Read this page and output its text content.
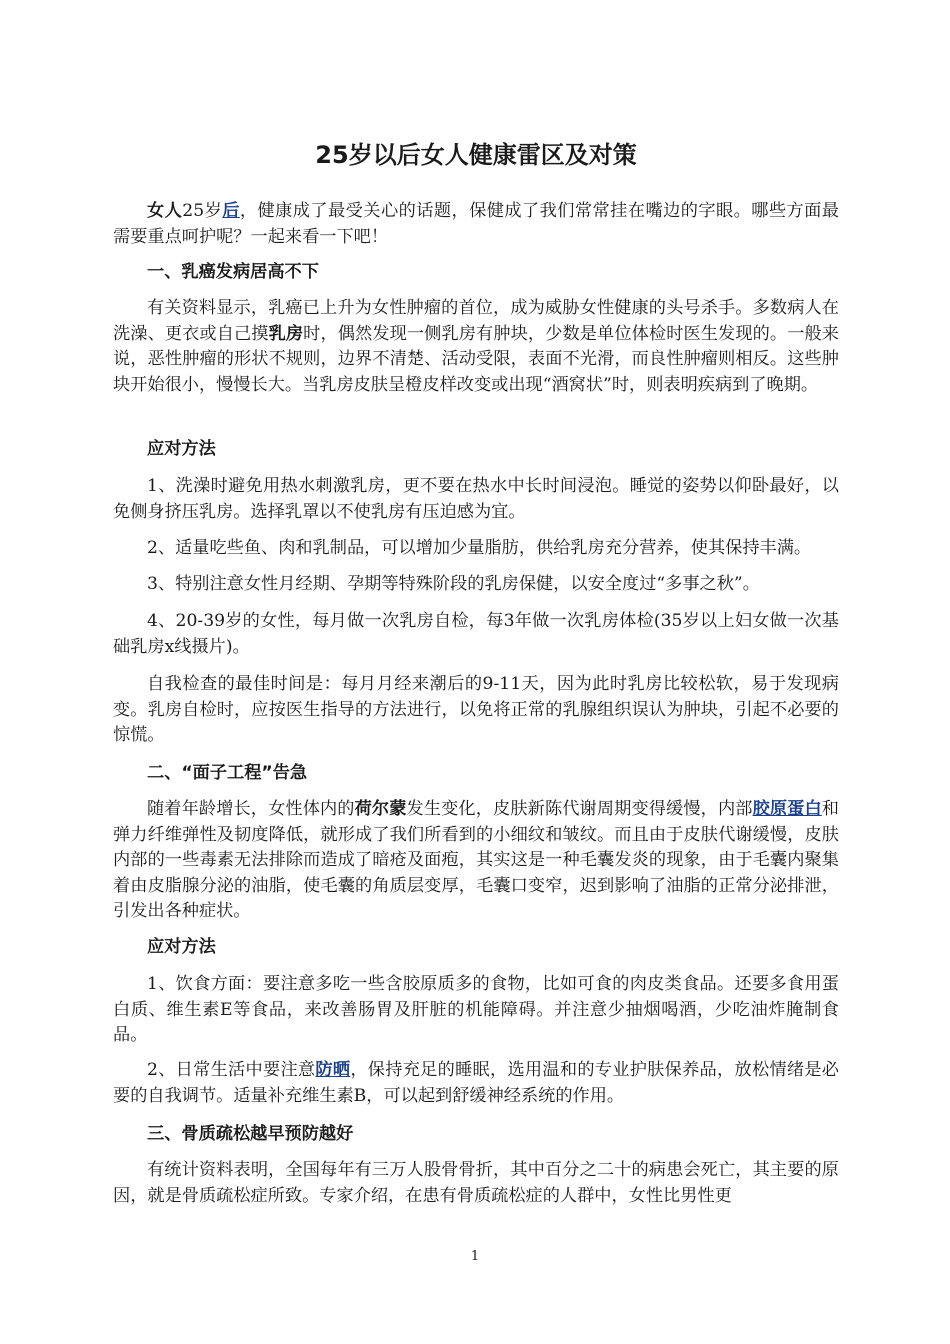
25岁以后女人健康雷区及对策

女人25岁后，健康成了最受关心的话题，保健成了我们常常挂在嘴边的字眼。哪些方面最需要重点呵护呢？一起来看一下吧！

一、乳癌发病居高不下

有关资料显示，乳癌已上升为女性肿瘤的首位，成为威胁女性健康的头号杀手。多数病人在洗澡、更衣或自己摸乳房时，偶然发现一侧乳房有肿块，少数是单位体检时医生发现的。一般来说，恶性肿瘤的形状不规则，边界不清楚、活动受限，表面不光滑，而良性肿瘤则相反。这些肿块开始很小，慢慢长大。当乳房皮肤呈橙皮样改变或出现“酒窝状”时，则表明疾病到了晚期。

应对方法

1、洗澡时避免用热水刺激乳房，更不要在热水中长时间浸泡。睡觉的姿势以仰卧最好，以免侧身挤压乳房。选择乳罩以不使乳房有压迫感为宜。

2、适量吃些鱼、肉和乳制品，可以增加少量脂肪，供给乳房充分营养，使其保持丰满。

3、特别注意女性月经期、孕期等特殊阶段的乳房保健，以安全度过“多事之秋”。

4、20-39岁的女性，每月做一次乳房自检，每3年做一次乳房体检(35岁以上妇女做一次基础乳房x线摄片)。

自我检查的最佳时间是：每月月经来潮后的9-11天，因为此时乳房比较松软，易于发现病变。乳房自检时，应按医生指导的方法进行，以免将正常的乳腺组织误认为肿块，引起不必要的惊慌。

二、“面子工程”告急

随着年龄增长，女性体内的荷尔蒙发生变化，皮肤新陈代谢周期变得缓慢，内部胶原蛋白和弹力纤维弹性及韧度降低，就形成了我们所看到的小细纹和皱纹。而且由于皮肤代谢缓慢，皮肤内部的一些毒素无法排除而造成了暗疮及面疱，其实这是一种毛囊发炎的现象，由于毛囊内聚集着由皮脂腺分泌的油脂，使毛囊的角质层变厚，毛囊口变窄，迟到影响了油脂的正常分泌排泄，引发出各种症状。

应对方法

1、饮食方面：要注意多吃一些含胶原质多的食物，比如可食的肉皮类食品。还要多食用蛋白质、维生素E等食品，来改善肠胃及肝脏的机能障碍。并注意少抽烟喝酒，少吃油炸腌制食品。

2、日常生活中要注意防晒，保持充足的睡眠，选用温和的专业护肤保养品，放松情绪是必要的自我调节。适量补充维生素B，可以起到舒缓神经系统的作用。

三、骨质疏松越早预防越好

有统计资料表明，全国每年有三万人股骨骨折，其中百分之二十的病患会死亡，其主要的原因，就是骨质疏松症所致。专家介绍，在患有骨质疏松症的人群中，女性比男性更

1
